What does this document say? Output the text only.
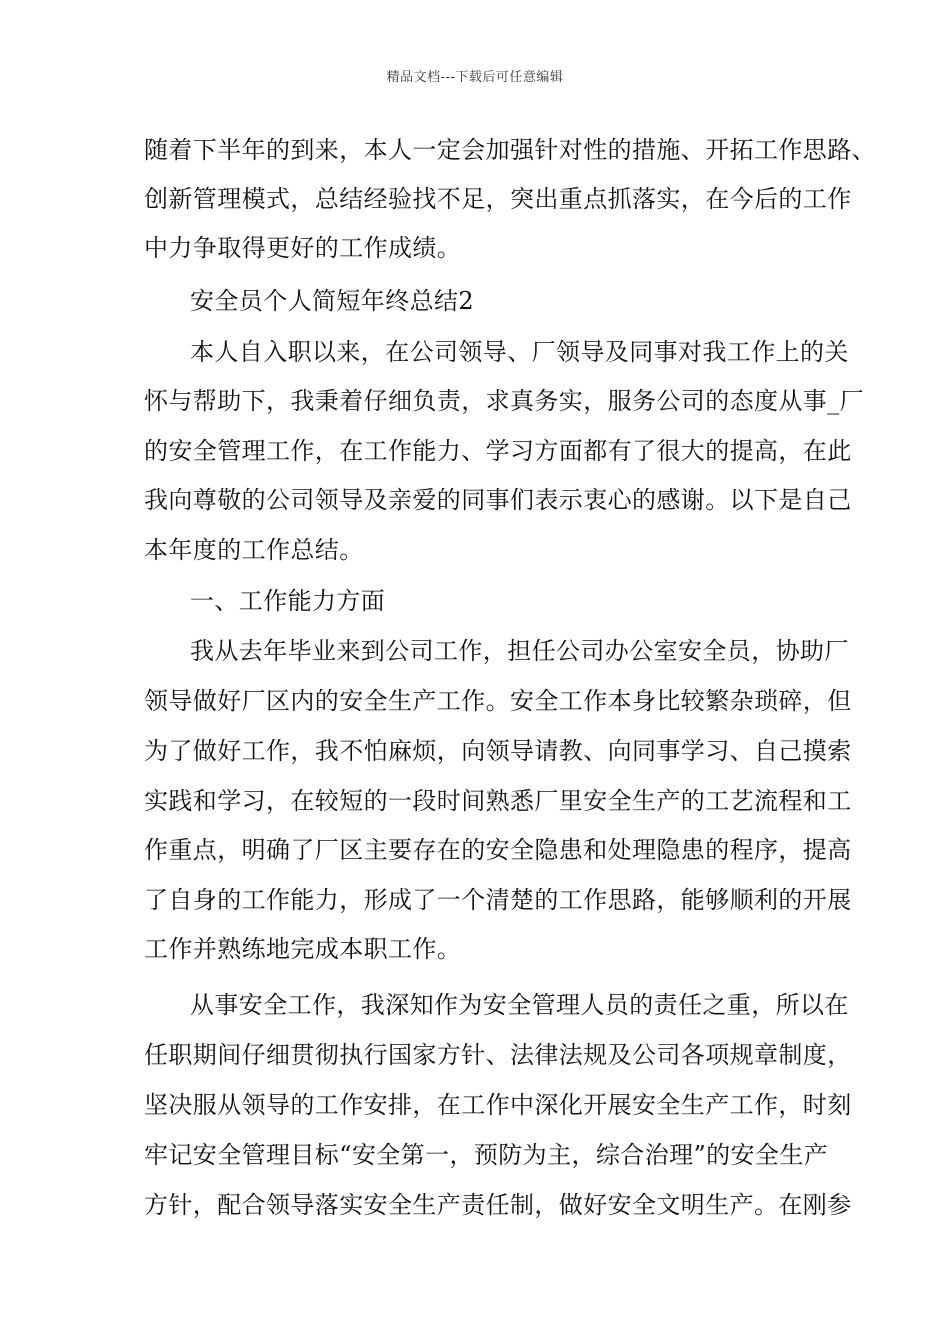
精品文档---下载后可任意编辑
随着下半年的到来，本人一定会加强针对性的措施、开拓工作思路、
创新管理模式，总结经验找不足，突出重点抓落实，在今后的工作
中力争取得更好的工作成绩。
安全员个人简短年终总结2
本人自入职以来，在公司领导、厂领导及同事对我工作上的关
怀与帮助下，我秉着仔细负责，求真务实，服务公司的态度从事_厂
的安全管理工作，在工作能力、学习方面都有了很大的提高，在此
我向尊敬的公司领导及亲爱的同事们表示衷心的感谢。以下是自己
本年度的工作总结。
一、工作能力方面
我从去年毕业来到公司工作，担任公司办公室安全员，协助厂
领导做好厂区内的安全生产工作。安全工作本身比较繁杂琐碎，但
为了做好工作，我不怕麻烦，向领导请教、向同事学习、自己摸索
实践和学习，在较短的一段时间熟悉厂里安全生产的工艺流程和工
作重点，明确了厂区主要存在的安全隐患和处理隐患的程序，提高
了自身的工作能力，形成了一个清楚的工作思路，能够顺利的开展
工作并熟练地完成本职工作。
从事安全工作，我深知作为安全管理人员的责任之重，所以在
任职期间仔细贯彻执行国家方针、法律法规及公司各项规章制度，
坚决服从领导的工作安排，在工作中深化开展安全生产工作，时刻
牢记安全管理目标“安全第一，预防为主，综合治理”的安全生产
方针，配合领导落实安全生产责任制，做好安全文明生产。在刚参
